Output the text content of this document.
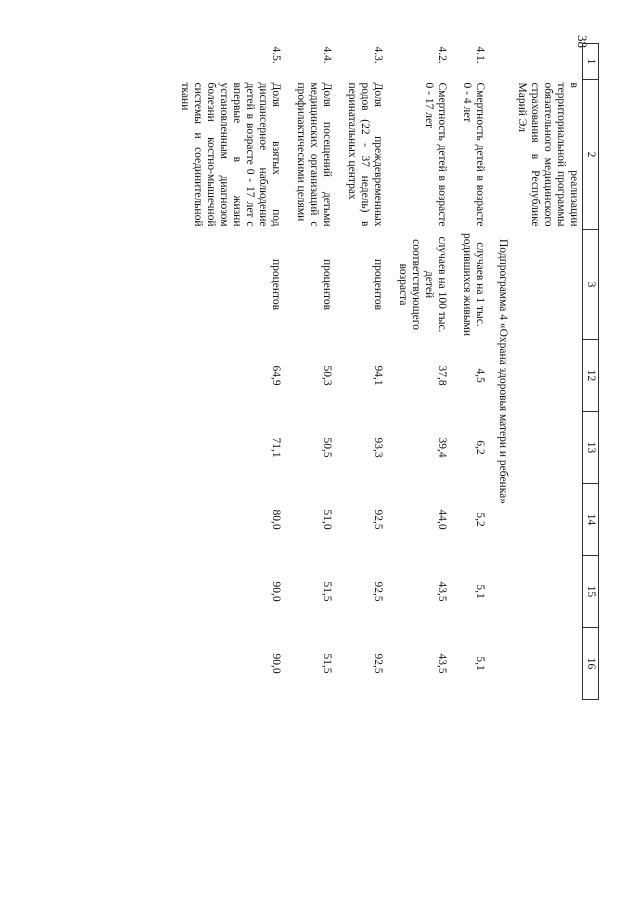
38
1	2	3	12	13	14	15	16
	в реализации территориальной программы обязательного медицинского страхования в Республике Марий Эл						
Подпрограмма 4 «Охрана здоровья матери и ребенка»							
4.1.	Смертность детей в возрасте 0 - 4 лет	случаев на 1 тыс. родившихся живыми	4,5	6,2	5,2	5,1	5,1
4.2.	Смертность детей в возрасте 0 - 17 лет	случаев на 100 тыс. детей соответствующего возраста	37,8	39,4	44,0	43,5	43,5
4.3.	Доля преждевременных родов (22 - 37 недель) в перинатальных центрах	процентов	94,1	93,3	92,5	92,5	92,5
4.4.	Доля посещений детьми медицинских организаций с профилактическими целями	процентов	50,3	50,5	51,0	51,5	51,5
4.5.	Доля взятых под диспансерное наблюдение детей в возрасте 0 - 17 лет с впервые в жизни установленным диагнозом болезни костно-мышечной системы и соединительной ткани	процентов	64,9	71,1	80,0	90,0	90,0
